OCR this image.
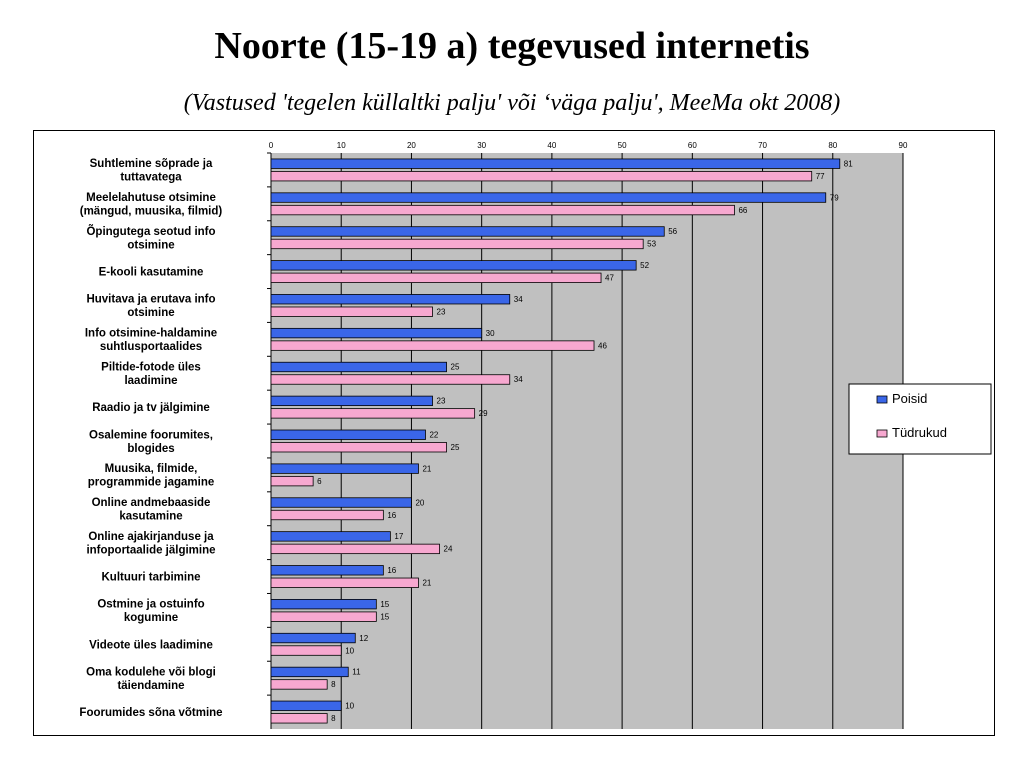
Noorte (15-19 a) tegevused internetis
(Vastused 'tegelen küllaltki palju' või ‘väga palju', MeeMa okt 2008)
0	10	20	30	40	50	60	70	80	90
Suhtlemine sõprade ja
tuttavatega
81
77
Meelelahutuse otsimine
(mängud, muusika, filmid)
79
66
Õpingutega seotud info
otsimine
56
53
E-kooli kasutamine
52
47
Huvitava ja erutava info
otsimine
34
23
Info otsimine-haldamine
suhtlusportaalides
30
46
Piltide-fotode üles
laadimine
25
34
Raadio ja tv jälgimine
23
29
Osalemine foorumites,
blogides
22
25
Muusika, filmide,
programmide jagamine
21
6
Online andmebaaside
kasutamine
20
16
Online ajakirjanduse ja
infoportaalide jälgimine
17
24
Kultuuri tarbimine
16
21
Ostmine ja ostuinfo
kogumine
15
15
Videote üles laadimine
12
10
Oma kodulehe või blogi
täiendamine
11
8
Foorumides sõna võtmine
10
8
Poisid
Tüdrukud
